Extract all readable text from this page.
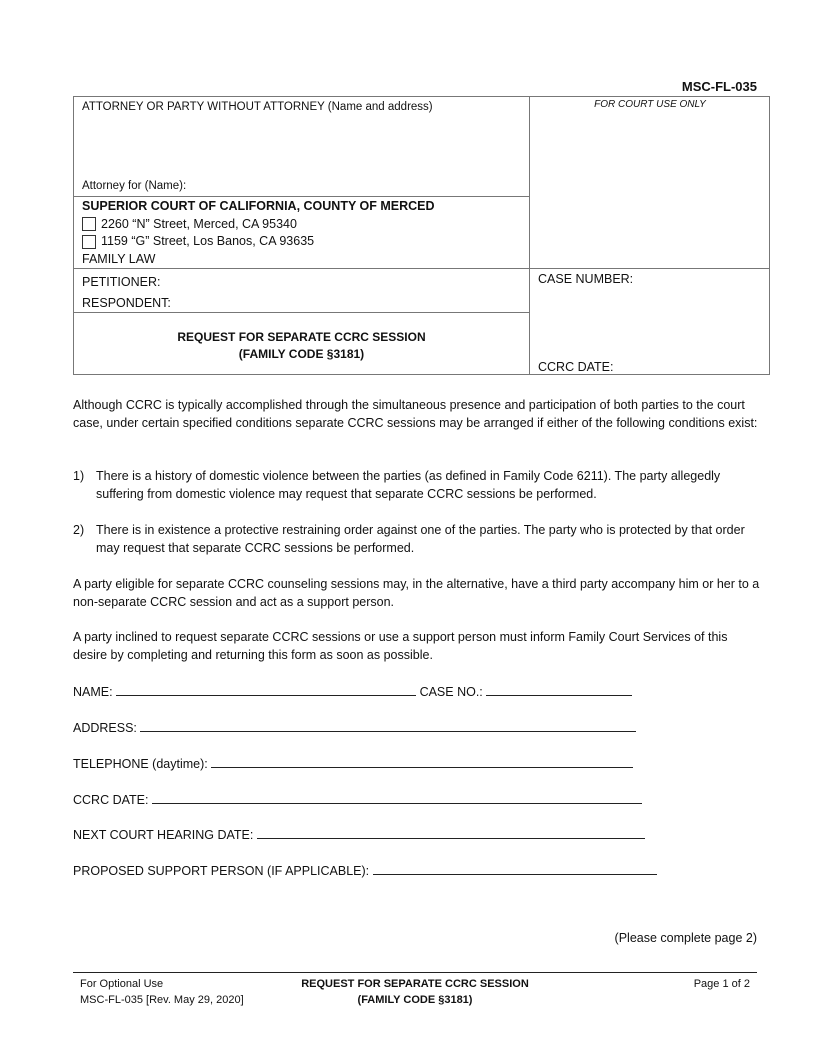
MSC-FL-035
ATTORNEY OR PARTY WITHOUT ATTORNEY (Name and address)	FOR COURT USE ONLY
Attorney for (Name):
SUPERIOR COURT OF CALIFORNIA, COUNTY OF MERCED
2260 “N” Street, Merced, CA 95340
1159 “G” Street, Los Banos, CA 93635
FAMILY LAW
PETITIONER:
RESPONDENT:
CASE NUMBER:
REQUEST FOR SEPARATE CCRC SESSION
(FAMILY CODE §3181)
CCRC DATE:
Although CCRC is typically accomplished through the simultaneous presence and participation of both parties to the court case, under certain specified conditions separate CCRC sessions may be arranged if either of the following conditions exist:
1) There is a history of domestic violence between the parties (as defined in Family Code 6211). The party allegedly suffering from domestic violence may request that separate CCRC sessions be performed.
2) There is in existence a protective restraining order against one of the parties. The party who is protected by that order may request that separate CCRC sessions be performed.
A party eligible for separate CCRC counseling sessions may, in the alternative, have a third party accompany him or her to a non-separate CCRC session and act as a support person.
A party inclined to request separate CCRC sessions or use a support person must inform Family Court Services of this desire by completing and returning this form as soon as possible.
NAME:	CASE NO.:
ADDRESS:
TELEPHONE (daytime):
CCRC DATE:
NEXT COURT HEARING DATE:
PROPOSED SUPPORT PERSON (IF APPLICABLE):
(Please complete page 2)
For Optional Use
MSC-FL-035 [Rev. May 29, 2020]
REQUEST FOR SEPARATE CCRC SESSION
(FAMILY CODE §3181)
Page 1 of 2
